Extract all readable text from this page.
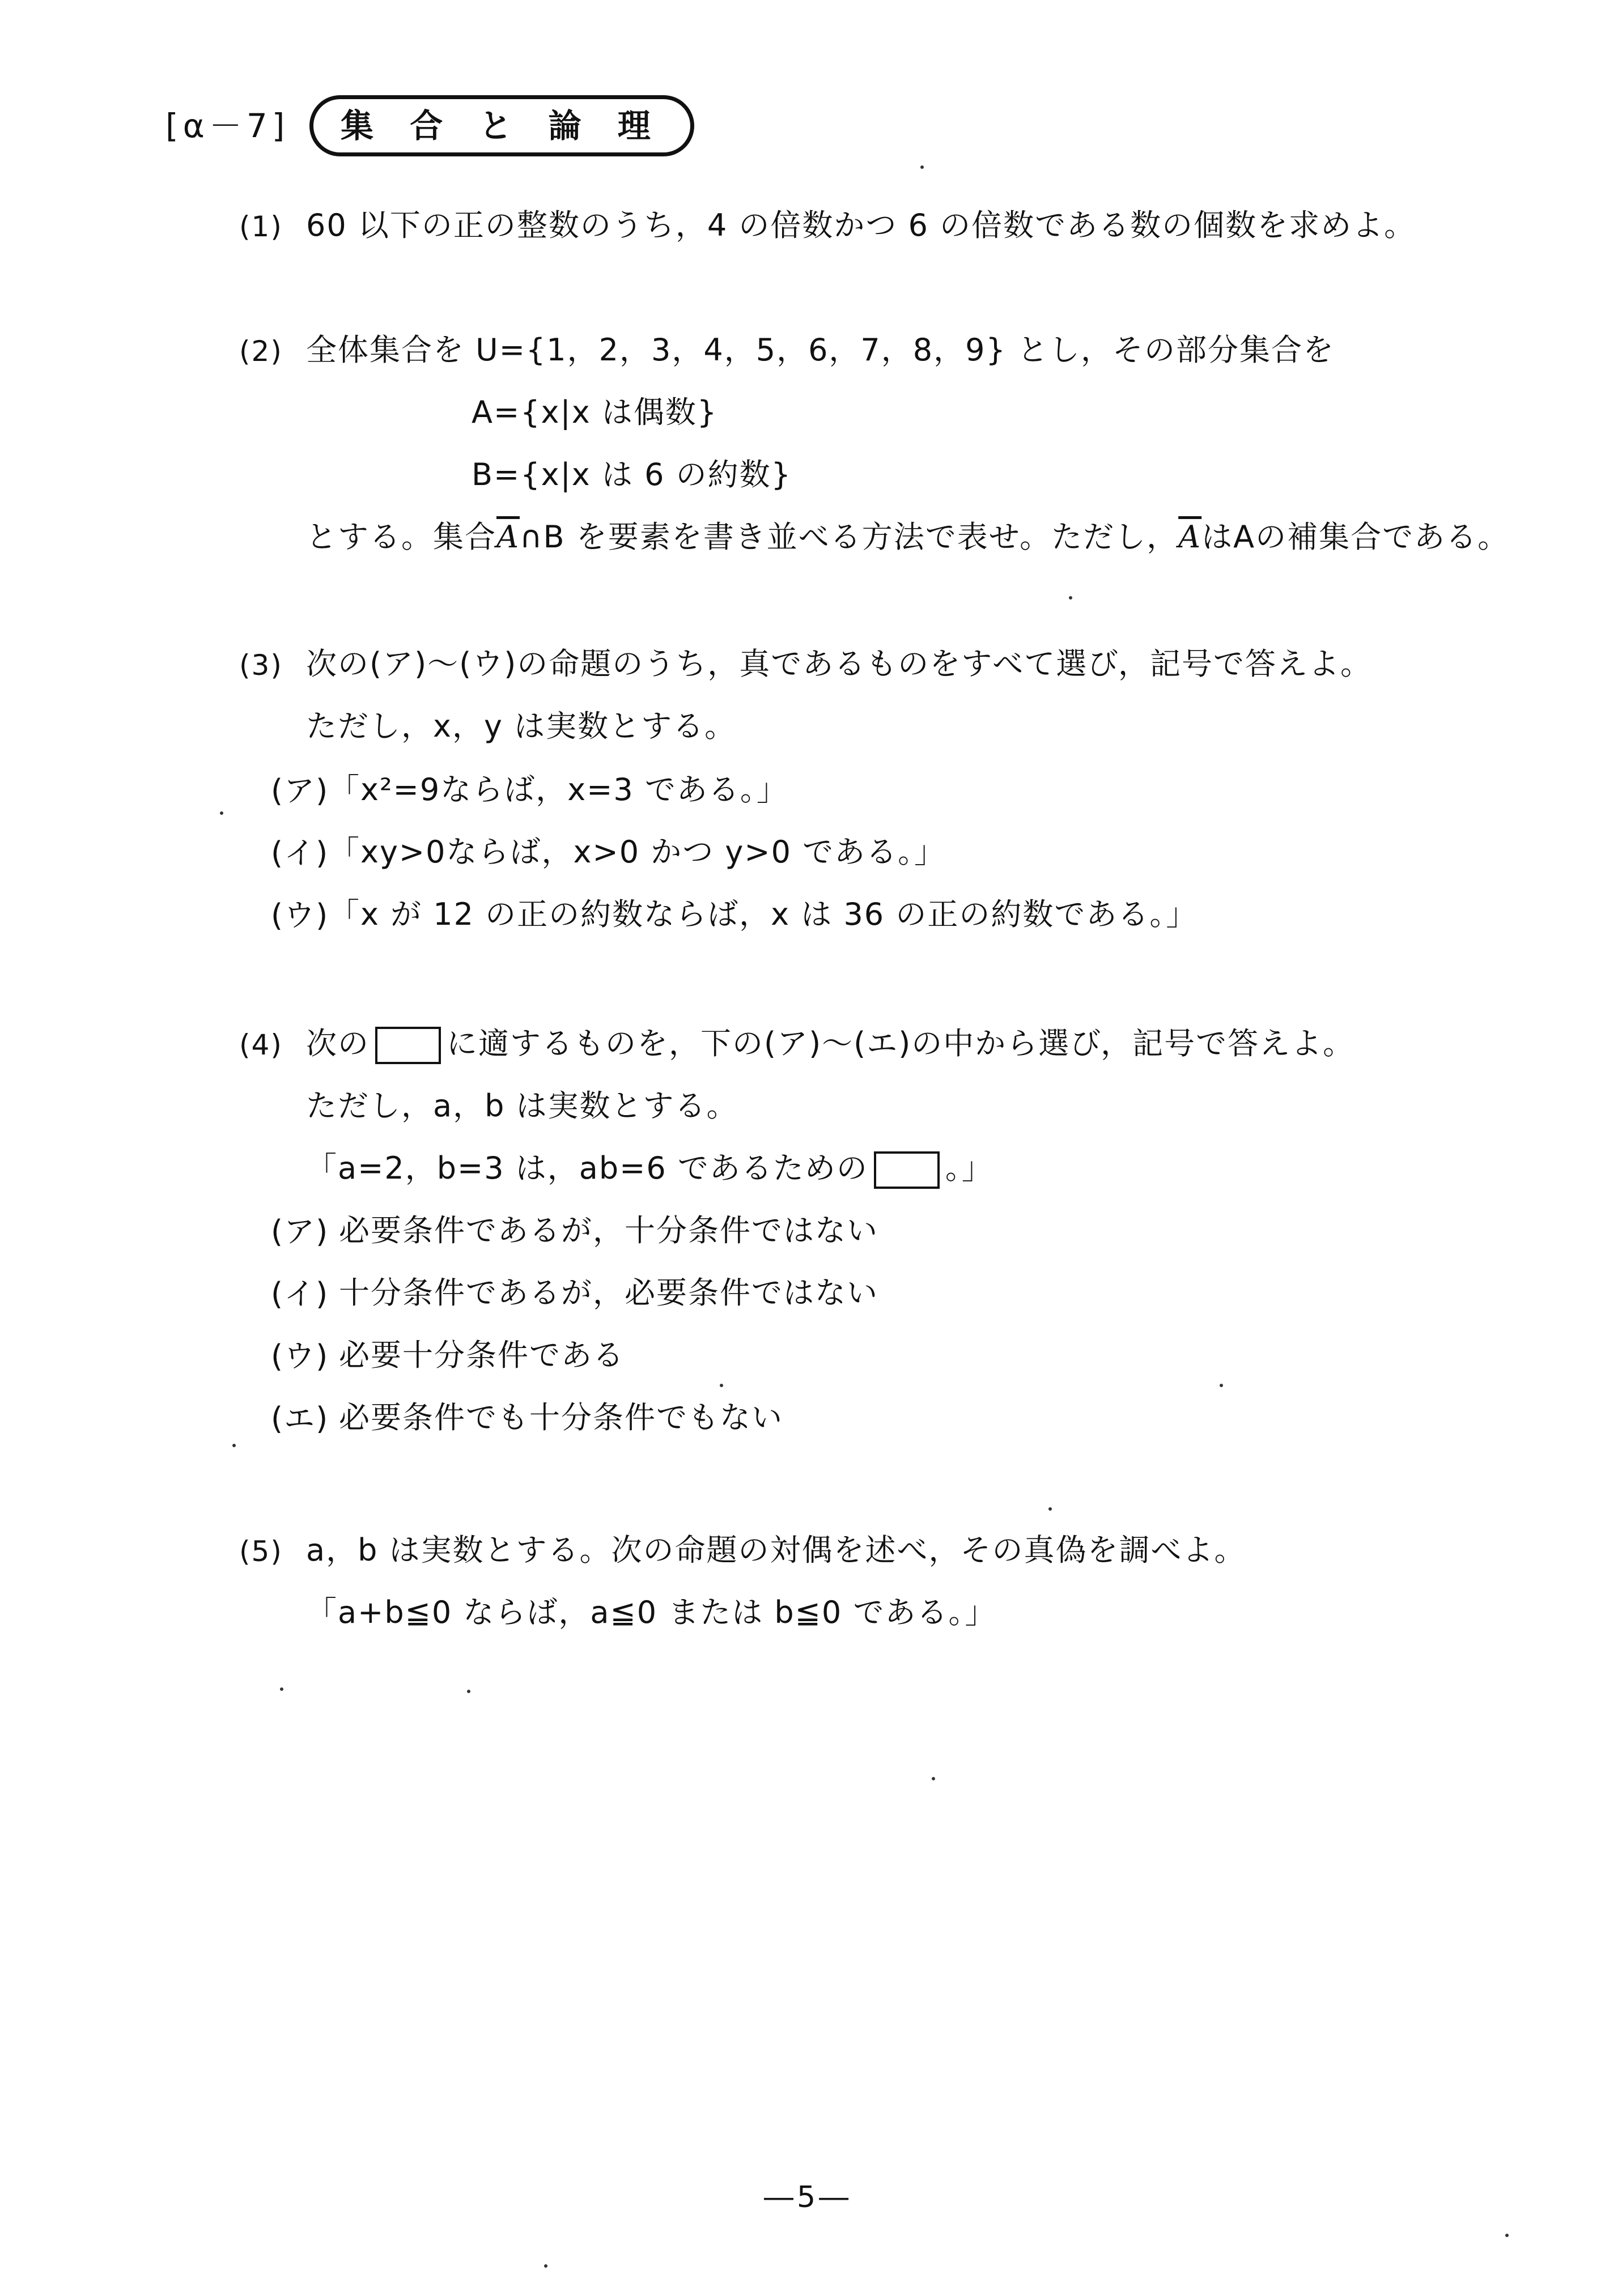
[α－7]	集 合 と 論 理
(1) 60 以下の正の整数のうち，4 の倍数かつ 6 の倍数である数の個数を求めよ。
(2) 全体集合を U={1，2，3，4，5，6，7，8，9} とし，その部分集合を
A={x|x は偶数}
B={x|x は 6 の約数}
とする。集合$\overline{A}\cap B$ を要素を書き並べる方法で表せ。ただし，$\overline{A}$はAの補集合である。
(3) 次の(ア)〜(ウ)の命題のうち，真であるものをすべて選び，記号で答えよ。
ただし，x，y は実数とする。
(ア) 「x²=9ならば，x=3 である。」
(イ) 「xy>0ならば，x>0 かつ y>0 である。」
(ウ) 「x が 12 の正の約数ならば，x は 36 の正の約数である。」
(4) 次の	に適するものを，下の(ア)〜(エ)の中から選び，記号で答えよ。
ただし，a，b は実数とする。
「a=2，b=3 は，ab=6 であるための	。」
(ア) 必要条件であるが，十分条件ではない
(イ) 十分条件であるが，必要条件ではない
(ウ) 必要十分条件である
(エ) 必要条件でも十分条件でもない
(5) a，b は実数とする。次の命題の対偶を述べ，その真偽を調べよ。
「a+b≦0 ならば，a≦0 または b≦0 である。」
―5―
